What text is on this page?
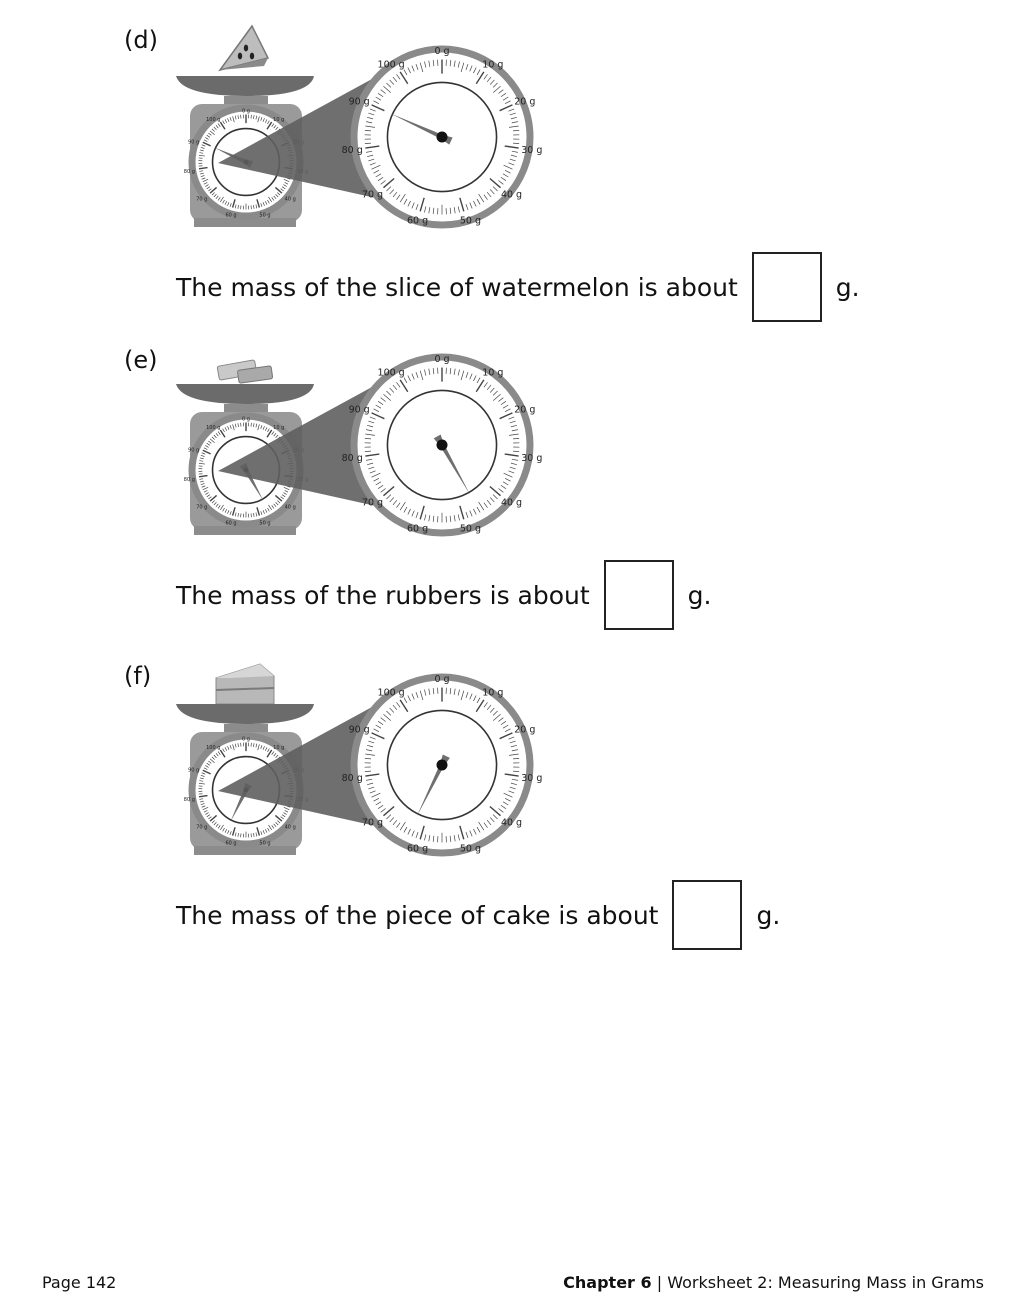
(d)
0 g
10 g
40 g
50 g
60 g
70 g
80 g
90 g
100 g
0 g
10 g
20 g
30 g
40 g
50 g
60 g
70 g
80 g
90 g
100 g
The mass of the slice of watermelon is about	g.
(e)
0 g
10 g
40 g
50 g
60 g
70 g
80 g
90 g
100 g
0 g
10 g
20 g
30 g
40 g
50 g
60 g
70 g
80 g
90 g
100 g
The mass of the rubbers is about	g.
(f)
0 g
10 g
40 g
50 g
60 g
70 g
80 g
90 g
100 g
0 g
10 g
20 g
30 g
40 g
50 g
60 g
70 g
80 g
90 g
100 g
The mass of the piece of cake is about	g.
Page 142	Chapter 6 | Worksheet 2: Measuring Mass in Grams
